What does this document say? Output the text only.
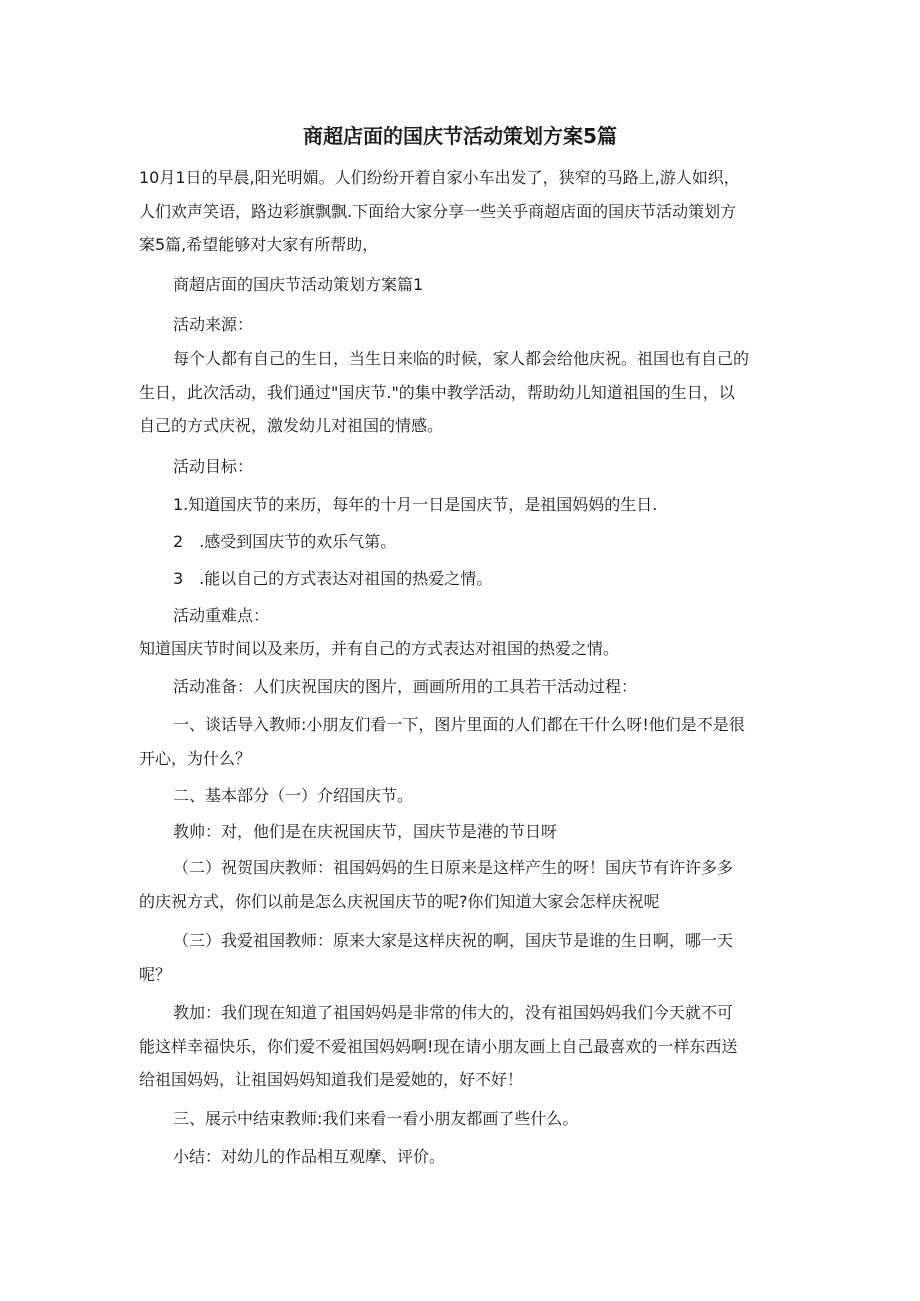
商超店面的国庆节活动策划方案5篇
10月1日的早晨,阳光明媚。人们纷纷开着自家小车出发了，狭窄的马路上,游人如织，
人们欢声笑语，路边彩旗飘飘.下面给大家分享一些关乎商超店面的国庆节活动策划方
案5篇,希望能够对大家有所帮助，
商超店面的国庆节活动策划方案篇1
活动来源：
每个人都有自己的生日，当生日来临的时候，家人都会给他庆祝。祖国也有自己的
生日，此次活动，我们通过"国庆节."的集中教学活动，帮助幼儿知道祖国的生日，以
自己的方式庆祝，激发幼儿对祖国的情感。
活动目标：
1.知道国庆节的来历，每年的十月一日是国庆节，是祖国妈妈的生日.
2　.感受到国庆节的欢乐气第。
3　.能以自己的方式表达对祖国的热爱之情。
活动重难点：
知道国庆节时间以及来历，并有自己的方式表达对祖国的热爱之情。
活动准备：人们庆祝国庆的图片，画画所用的工具若干活动过程：
一、谈话导入教师:小朋友们看一下，图片里面的人们都在干什么呀!他们是不是很
开心，为什么？
二、基本部分（一）介绍国庆节。
教帅：对，他们是在庆祝国庆节，国庆节是港的节日呀
（二）祝贺国庆教师：祖国妈妈的生日原来是这样产生的呀！国庆节有许许多多
的庆祝方式，你们以前是怎么庆祝国庆节的呢?你们知道大家会怎样庆祝呢
（三）我爱祖国教师：原来大家是这样庆祝的啊，国庆节是谁的生日啊，哪一天
呢？
教加：我们现在知道了祖国妈妈是非常的伟大的，没有祖国妈妈我们今天就不可
能这样幸福快乐，你们爱不爱祖国妈妈啊!现在请小朋友画上自己最喜欢的一样东西送
给祖国妈妈，让祖国妈妈知道我们是爱她的，好不好！
三、展示中结束教师:我们来看一看小朋友都画了些什么。
小结：对幼儿的作品相互观摩、评价。
